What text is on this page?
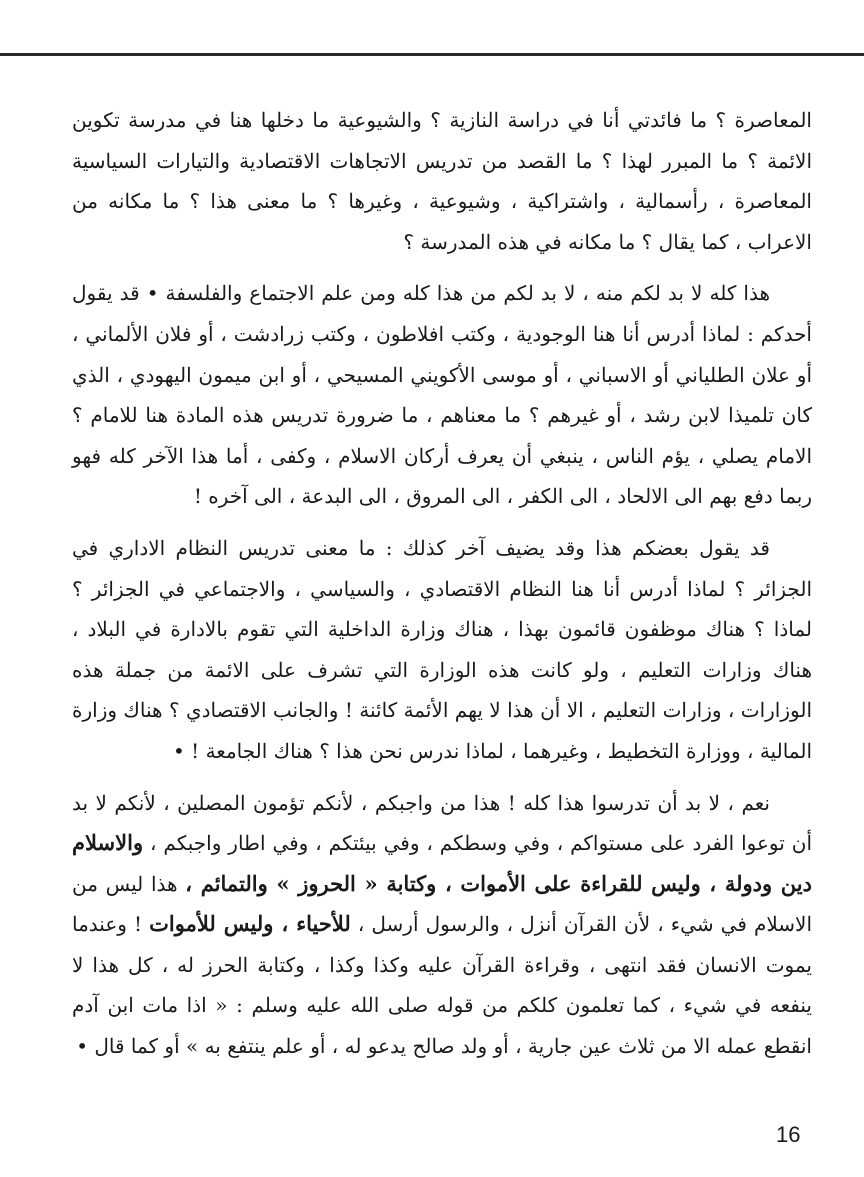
المعاصرة ؟ ما فائدتي أنا في دراسة النازية ؟ والشيوعية ما دخلها هنا في مدرسة تكوين الائمة ؟ ما المبرر لهذا ؟ ما القصد من تدريس الاتجاهات الاقتصادية والتيارات السياسية المعاصرة ، رأسمالية ، واشتراكية ، وشيوعية ، وغيرها ؟ ما معنى هذا ؟ ما مكانه من الاعراب ، كما يقال ؟ ما مكانه في هذه المدرسة ؟

هذا كله لا بد لكم منه ، لا بد لكم من هذا كله ومن علم الاجتماع والفلسفة • قد يقول أحدكم : لماذا أدرس أنا هنا الوجودية ، وكتب افلاطون ، وكتب زرادشت ، أو فلان الألماني ، أو علان الطلياني أو الاسباني ، أو موسى الأكويني المسيحي ، أو ابن ميمون اليهودي ، الذي كان تلميذا لابن رشد ، أو غيرهم ؟ ما معناهم ، ما ضرورة تدريس هذه المادة هنا للامام ؟ الامام يصلي ، يؤم الناس ، ينبغي أن يعرف أركان الاسلام ، وكفى ، أما هذا الآخر كله فهو ربما دفع بهم الى الالحاد ، الى الكفر ، الى المروق ، الى البدعة ، الى آخره !

قد يقول بعضكم هذا وقد يضيف آخر كذلك : ما معنى تدريس النظام الاداري في الجزائر ؟ لماذا أدرس أنا هنا النظام الاقتصادي ، والسياسي ، والاجتماعي في الجزائر ؟ لماذا ؟ هناك موظفون قائمون بهذا ، هناك وزارة الداخلية التي تقوم بالادارة في البلاد ، هناك وزارات التعليم ، ولو كانت هذه الوزارة التي تشرف على الائمة من جملة هذه الوزارات ، وزارات التعليم ، الا أن هذا لا يهم الأئمة كائنة ! والجانب الاقتصادي ؟ هناك وزارة المالية ، ووزارة التخطيط ، وغيرهما ، لماذا ندرس نحن هذا ؟ هناك الجامعة ! •

نعم ، لا بد أن تدرسوا هذا كله ! هذا من واجبكم ، لأنكم تؤمون المصلين ، لأنكم لا بد أن توعوا الفرد على مستواكم ، وفي وسطكم ، وفي بيئتكم ، وفي اطار واجبكم ، والاسلام دين ودولة ، وليس للقراءة على الأموات ، وكتابة « الحروز » والتمائم ، هذا ليس من الاسلام في شيء ، لأن القرآن أنزل ، والرسول أرسل ، للأحياء ، وليس للأموات ! وعندما يموت الانسان فقد انتهى ، وقراءة القرآن عليه وكذا وكذا ، وكتابة الحرز له ، كل هذا لا ينفعه في شيء ، كما تعلمون كلكم من قوله صلى الله عليه وسلم : « اذا مات ابن آدم انقطع عمله الا من ثلاث عين جارية ، أو ولد صالح يدعو له ، أو علم ينتفع به » أو كما قال •

16
